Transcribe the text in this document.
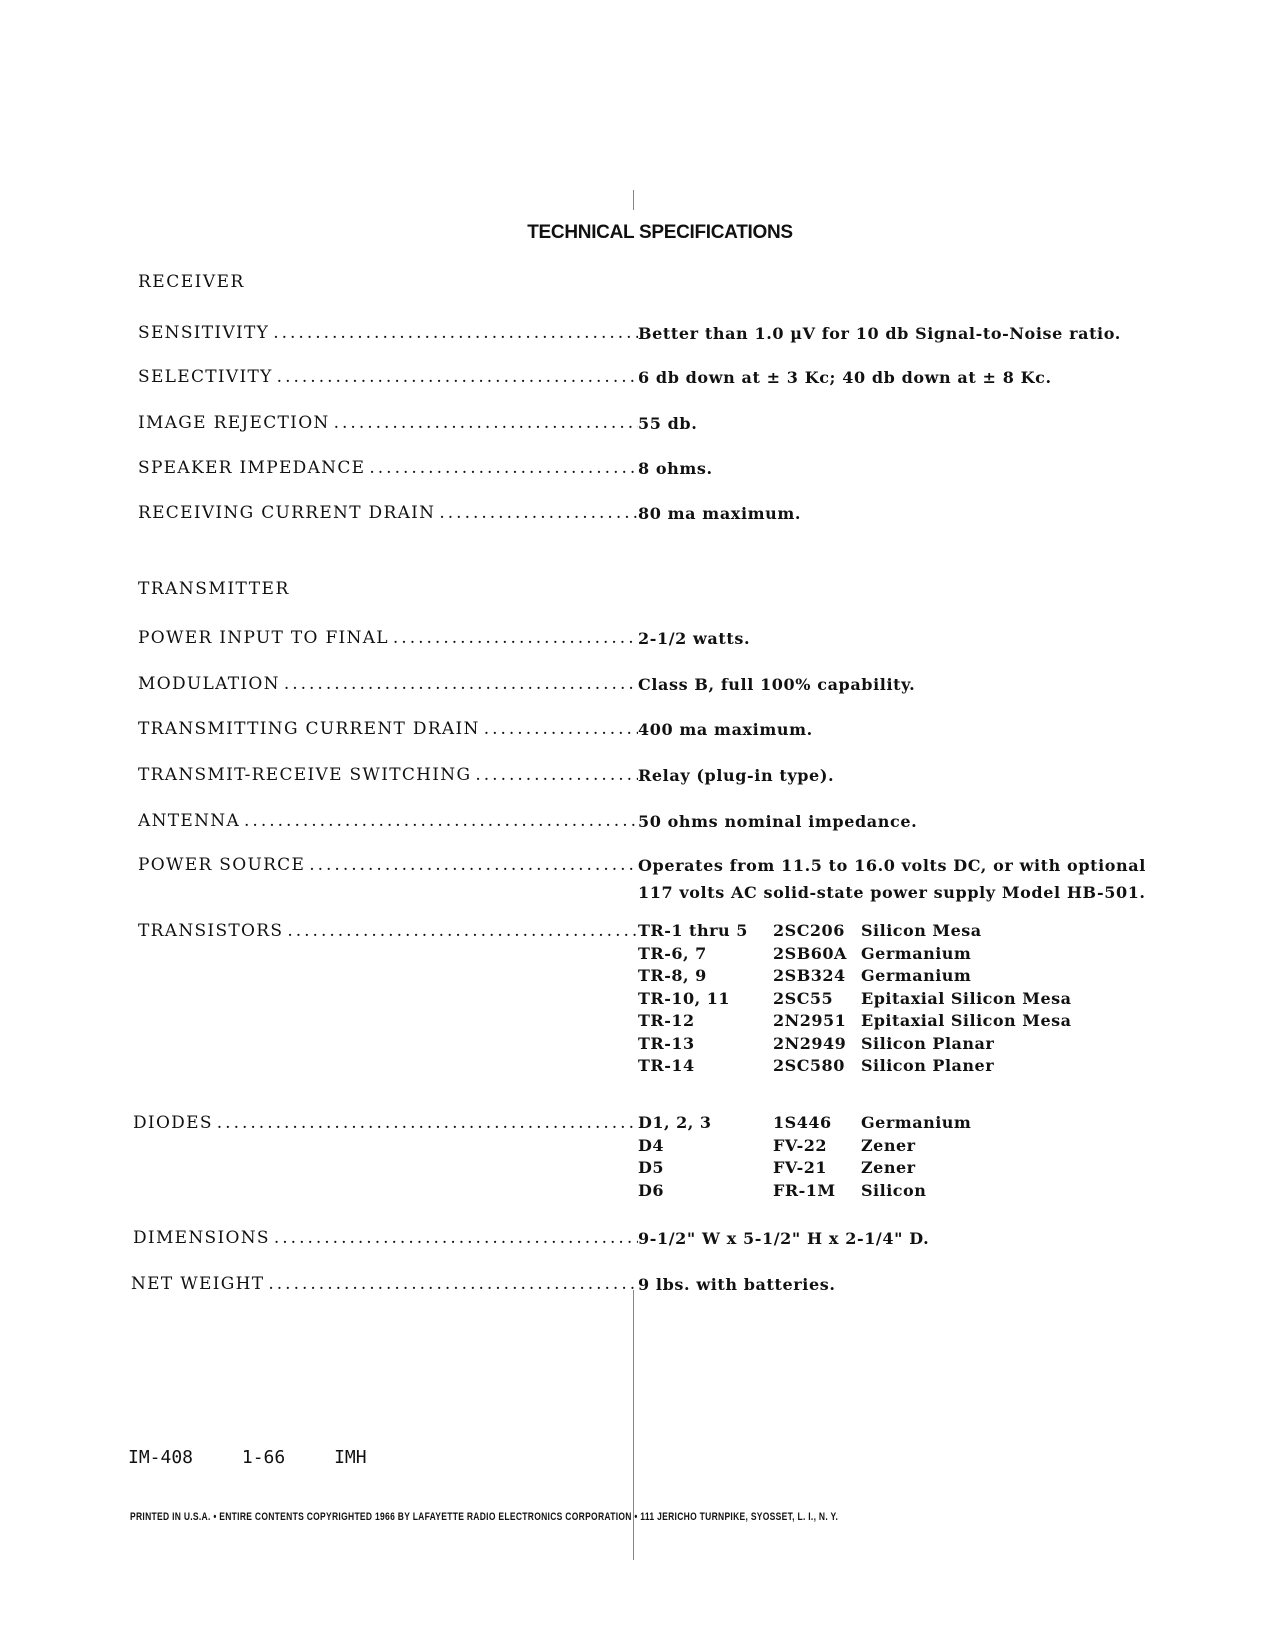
TECHNICAL SPECIFICATIONS
RECEIVER
SENSITIVITY .....	Better than 1.0 µV for 10 db Signal-to-Noise ratio.
SELECTIVITY .....	6 db down at ± 3 Kc; 40 db down at ± 8 Kc.
IMAGE REJECTION .....	55 db.
SPEAKER IMPEDANCE .....	8 ohms.
RECEIVING CURRENT DRAIN .....	80 ma maximum.
TRANSMITTER
POWER INPUT TO FINAL .....	2-1/2 watts.
MODULATION .....	Class B, full 100% capability.
TRANSMITTING CURRENT DRAIN .....	400 ma maximum.
TRANSMIT-RECEIVE SWITCHING .....	Relay (plug-in type).
ANTENNA .....	50 ohms nominal impedance.
POWER SOURCE .....	Operates from 11.5 to 16.0 volts DC, or with optional
117 volts AC solid-state power supply Model HB-501.
TRANSISTORS .....	TR-1 thru 5	2SC206	Silicon Mesa
TR-6, 7	2SB60A Germanium
TR-8, 9	2SB324 Germanium
TR-10, 11	2SC55	Epitaxial Silicon Mesa
TR-12	2N2951 Epitaxial Silicon Mesa
TR-13	2N2949 Silicon Planar
TR-14	2SC580	Silicon Planer
DIODES .....	D1, 2, 3	1S446	Germanium
D4	FV-22	Zener
D5	FV-21	Zener
D6	FR-1M	Silicon
DIMENSIONS .....	9-1/2" W x 5-1/2" H x 2-1/4" D.
NET WEIGHT .....	9 lbs. with batteries.
IM-408	1-66	IMH
PRINTED IN U.S.A. • ENTIRE CONTENTS COPYRIGHTED 1966 BY LAFAYETTE RADIO ELECTRONICS CORPORATION • 111 JERICHO TURNPIKE, SYOSSET, L. I., N. Y.
